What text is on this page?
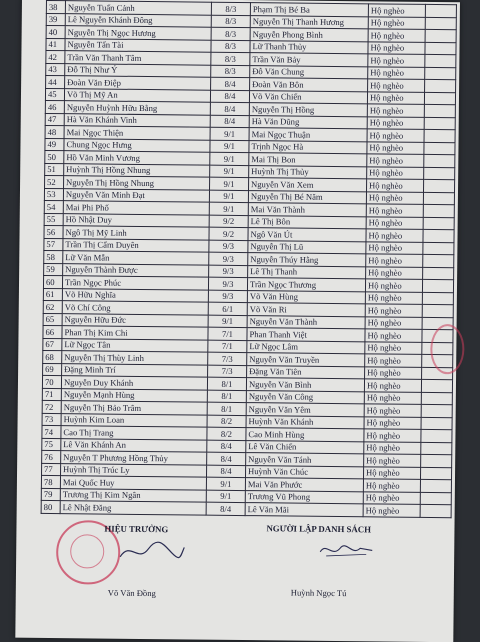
38	Nguyễn Tuấn Cảnh	8/3	Phạm Thị Bé Ba	Hộ nghèo	
39	Lê Nguyễn Khánh Đông	8/3	Nguyễn Thị Thanh Hương	Hộ nghèo	
40	Nguyễn Thị Ngọc Hương	8/3	Nguyễn Phong Bình	Hộ nghèo	
41	Nguyễn Tấn Tài	8/3	Lữ Thanh Thủy	Hộ nghèo	
42	Trần Văn Thanh Tâm	8/3	Trần Văn Bảy	Hộ nghèo	
43	Đỗ Thị Như Ý	8/3	Đỗ Văn Chung	Hộ nghèo	
44	Đoàn Văn Điệp	8/4	Đoàn Văn Bôn	Hộ nghèo	
45	Võ Thị Mỹ An	8/4	Võ Văn Chiến	Hộ nghèo	
46	Nguyễn Huỳnh Hữu Bằng	8/4	Nguyễn Thị Hồng	Hộ nghèo	
47	Hà Văn Khánh Vinh	8/4	Hà Văn Dũng	Hộ nghèo	
48	Mai Ngọc Thiện	9/1	Mai Ngọc Thuận	Hộ nghèo	
49	Chung Ngọc Hưng	9/1	Trịnh Ngọc Hà	Hộ nghèo	
50	Hồ Văn Minh Vương	9/1	Mai Thị Bon	Hộ nghèo	
51	Huỳnh Thị Hồng Nhung	9/1	Huỳnh Thị Thủy	Hộ nghèo	
52	Nguyễn Thị Hồng Nhung	9/1	Nguyễn Văn Xem	Hộ nghèo	
53	Nguyễn Văn Minh Đạt	9/1	Nguyễn Thị Bé Năm	Hộ nghèo	
54	Mai Phi Phố	9/1	Mai Văn Thành	Hộ nghèo	
55	Hồ Nhật Duy	9/2	Lê Thị Bôn	Hộ nghèo	
56	Ngô Thị Mỹ Linh	9/2	Ngô Văn Út	Hộ nghèo	
57	Trần Thị Cẩm Duyên	9/3	Nguyễn Thị Lũ	Hộ nghèo	
58	Lữ Văn Mẫn	9/3	Nguyễn Thúy Hằng	Hộ nghèo	
59	Nguyễn Thành Được	9/3	Lê Thị Thanh	Hộ nghèo	
60	Trần Ngọc Phúc	9/3	Trần Ngọc Thương	Hộ nghèo	
61	Võ Hữu Nghĩa	9/3	Võ Văn Hùng	Hộ nghèo	
62	Võ Chí Công	6/1	Võ Văn Ri	Hộ nghèo	
65	Nguyễn Hữu Đức	9/1	Nguyễn Văn Thành	Hộ nghèo	
66	Phan Thị Kim Chi	7/1	Phan Thanh Việt	Hộ nghèo	
67	Lữ Ngọc Tân	7/1	Lữ Ngọc Lâm	Hộ nghèo	
68	Nguyễn Thị Thùy Linh	7/3	Nguyễn Văn Truyền	Hộ nghèo	
69	Đặng Minh Trí	7/3	Đặng Văn Tiên	Hộ nghèo	
70	Nguyễn Duy Khánh	8/1	Nguyễn Văn Bình	Hộ nghèo	
71	Nguyễn Mạnh Hùng	8/1	Nguyễn Văn Công	Hộ nghèo	
72	Nguyễn Thị Bảo Trâm	8/1	Nguyễn Văn Yêm	Hộ nghèo	
73	Huỳnh Kim Loan	8/2	Huỳnh Văn Khánh	Hộ nghèo	
74	Cao Thị Trang	8/2	Cao Minh Hùng	Hộ nghèo	
75	Lê Văn Khánh An	8/4	Lê Văn Chiến	Hộ nghèo	
76	Nguyễn T Phương Hồng Thủy	8/4	Nguyễn Văn Tánh	Hộ nghèo	
77	Huỳnh Thị Trúc Ly	8/4	Huỳnh Văn Chúc	Hộ nghèo	
78	Mai Quốc Huy	9/1	Mai Văn Phước	Hộ nghèo	
79	Trương Thị Kim Ngân	9/1	Trương Vũ Phong	Hộ nghèo	
80	Lê Nhật Đăng	8/4	Lê Văn Mãi	Hộ nghèo	
HIỆU TRƯỞNG
Võ Văn Đồng
NGƯỜI LẬP DANH SÁCH
Huỳnh Ngọc Tú
